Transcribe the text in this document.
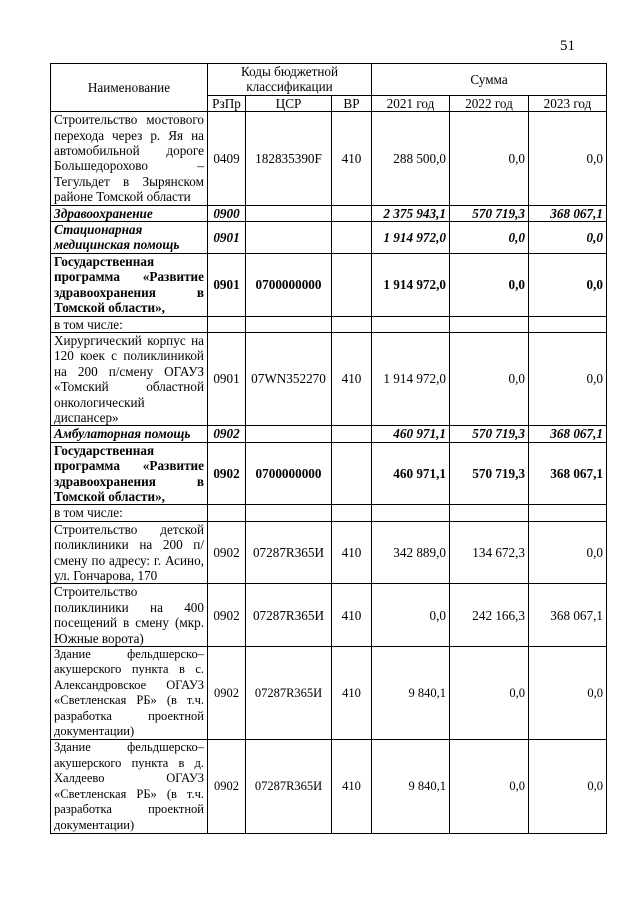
51
Наименование	Коды бюджетной классификации			Сумма		
	РзПр	ЦСР	ВР	2021 год	2022 год	2023 год
Строительство мостового перехода через р. Яя на автомобильной дороге Большедорохово – Тегульдет в Зырянском районе Томской области	0409	182835390F	410	288 500,0	0,0	0,0
Здравоохранение	0900			2 375 943,1	570 719,3	368 067,1
Стационарная медицинская помощь	0901			1 914 972,0	0,0	0,0
Государственная программа «Развитие здравоохранения в Томской области»,	0901	0700000000		1 914 972,0	0,0	0,0
в том числе:						
Хирургический корпус на 120 коек с поликлиникой на 200 п/смену ОГАУЗ «Томский областной онкологический диспансер»	0901	07WN352270	410	1 914 972,0	0,0	0,0
Амбулаторная помощь	0902			460 971,1	570 719,3	368 067,1
Государственная программа «Развитие здравоохранения в Томской области»,	0902	0700000000		460 971,1	570 719,3	368 067,1
в том числе:						
Строительство детской поликлиники на 200 п/смену по адресу: г. Асино, ул. Гончарова, 170	0902	07287R365И	410	342 889,0	134 672,3	0,0
Строительство поликлиники на 400 посещений в смену (мкр. Южные ворота)	0902	07287R365И	410	0,0	242 166,3	368 067,1
Здание фельдшерско–акушерского пункта в с. Александровское ОГАУЗ «Светленская РБ» (в т.ч. разработка проектной документации)	0902	07287R365И	410	9 840,1	0,0	0,0
Здание фельдшерско–акушерского пункта в д. Халдеево ОГАУЗ «Светленская РБ» (в т.ч. разработка проектной документации)	0902	07287R365И	410	9 840,1	0,0	0,0
